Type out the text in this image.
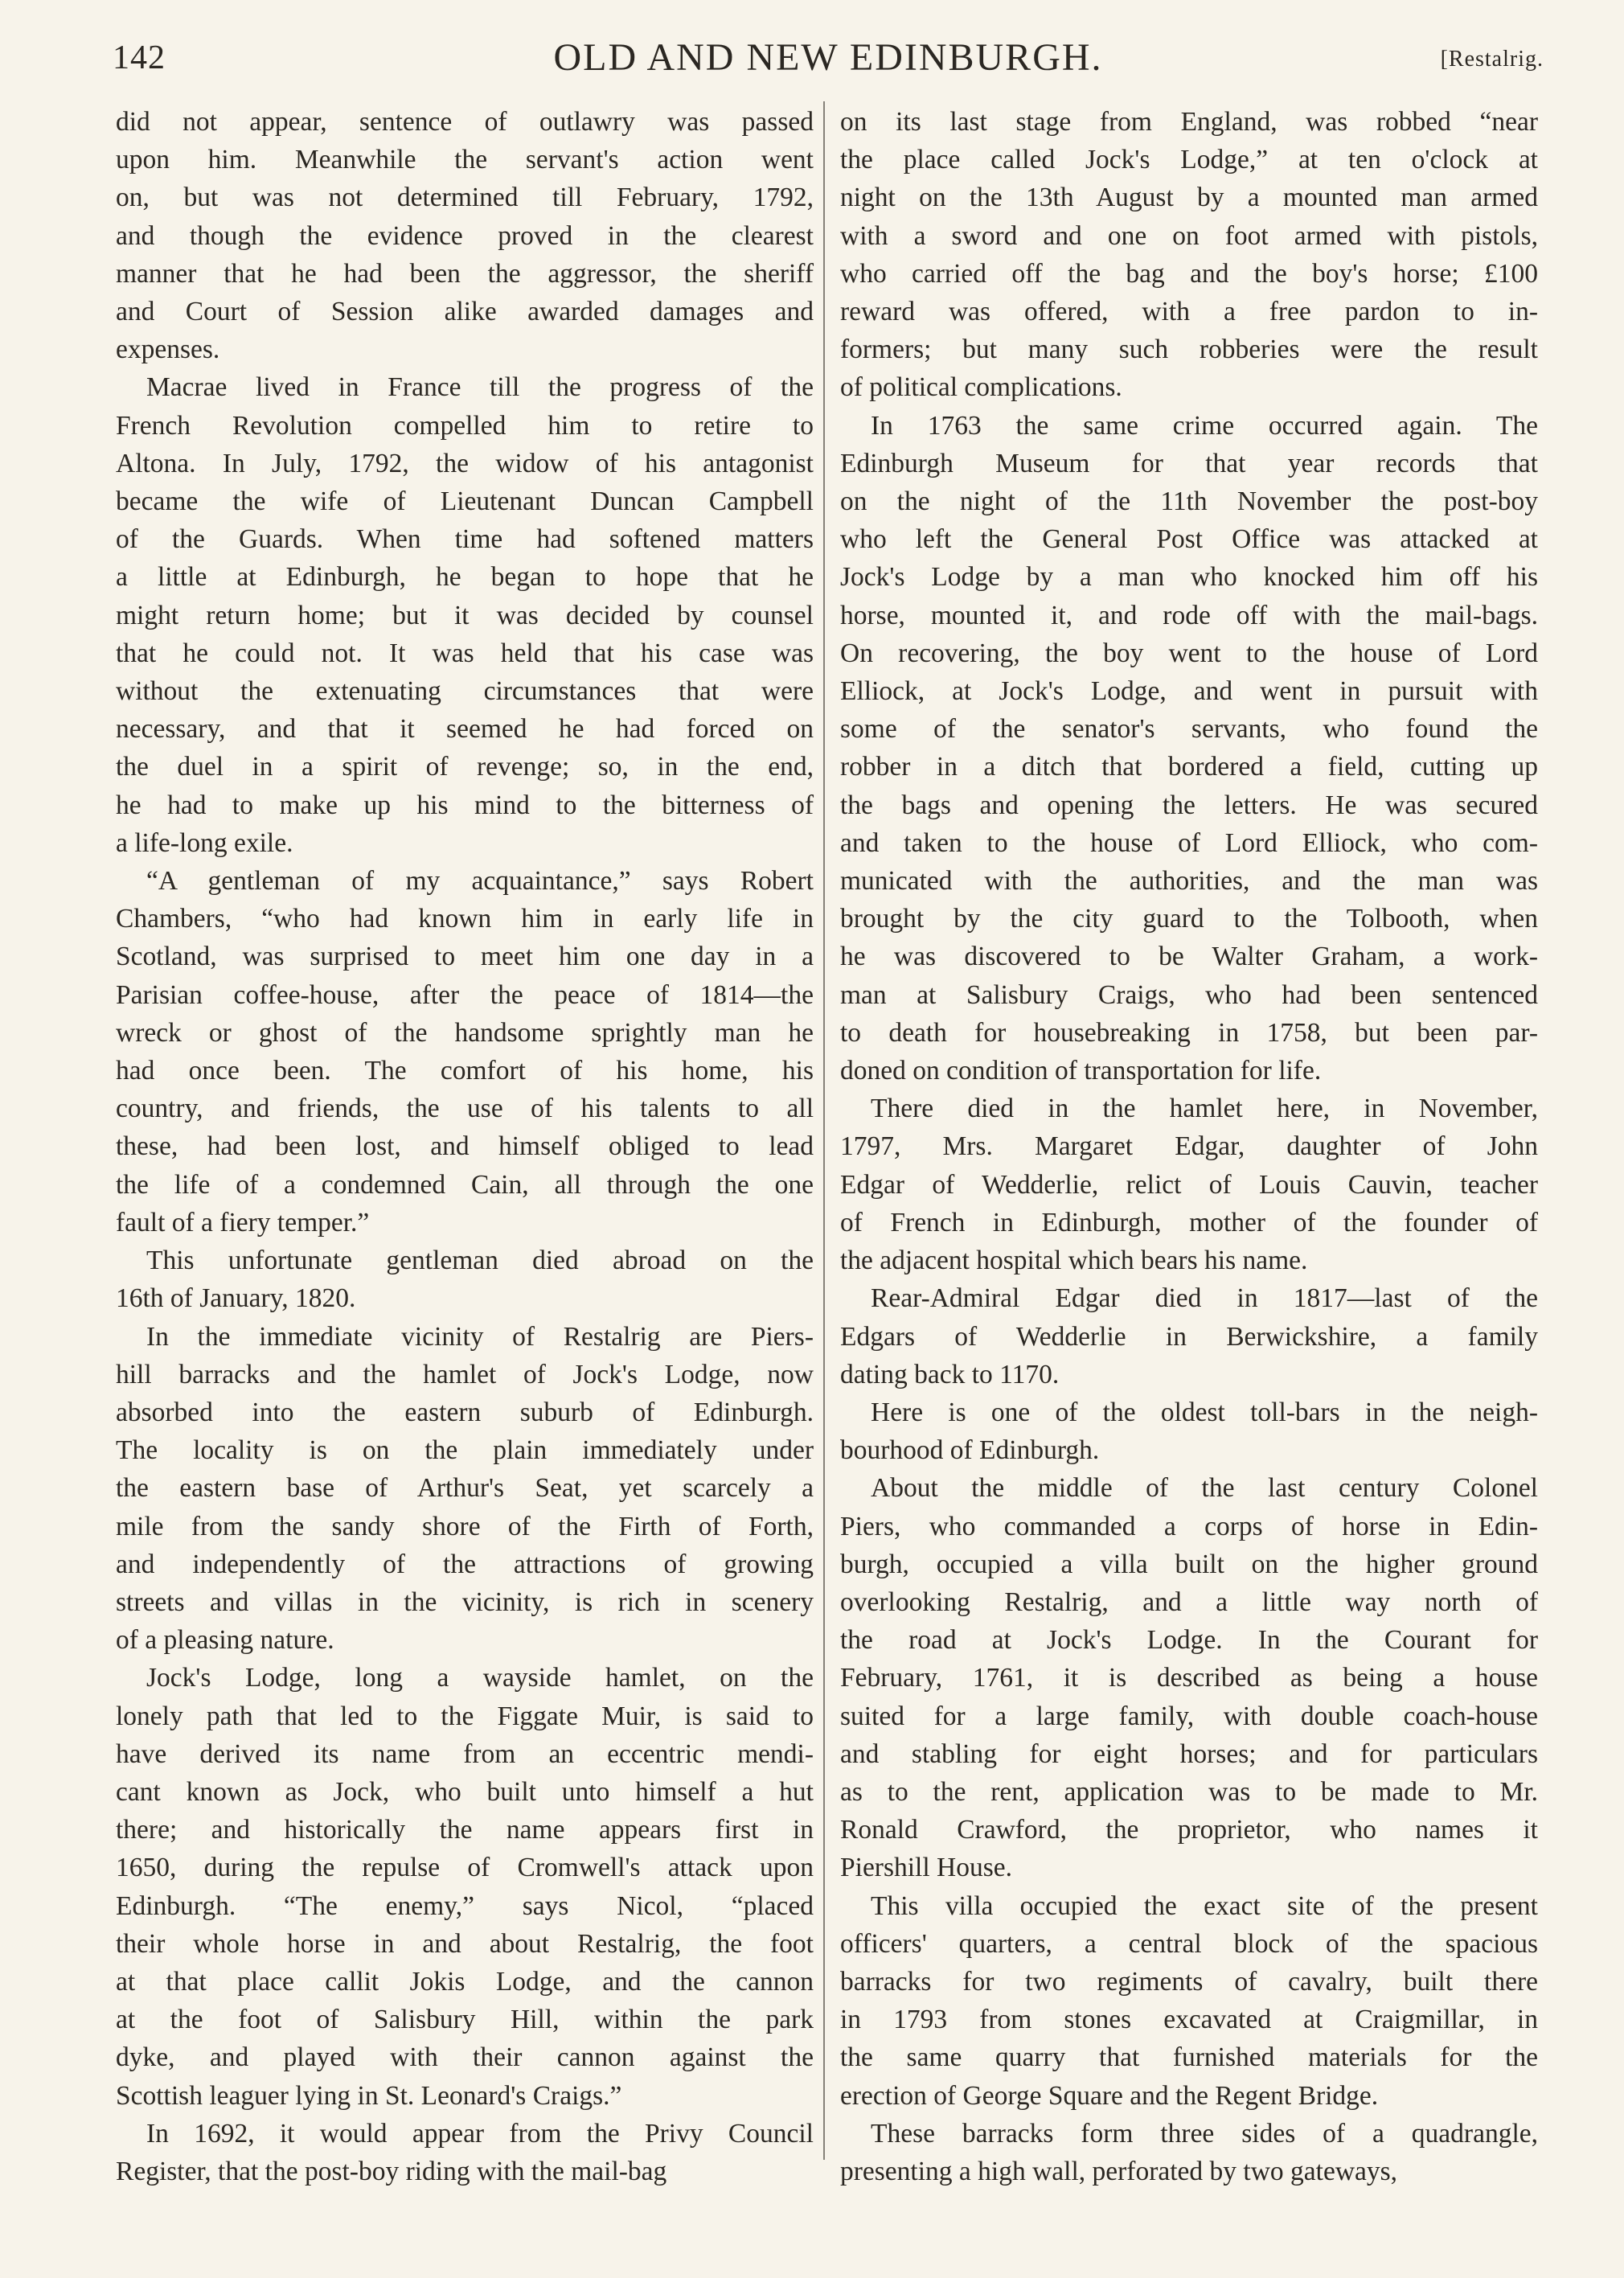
142	OLD AND NEW EDINBURGH.	[Restalrig.

did not appear, sentence of outlawry was passed
upon him. Meanwhile the servant's action went
on, but was not determined till February, 1792,
and though the evidence proved in the clearest
manner that he had been the aggressor, the sheriff
and Court of Session alike awarded damages and
expenses.

Macrae lived in France till the progress of the
French Revolution compelled him to retire to
Altona. In July, 1792, the widow of his antagonist
became the wife of Lieutenant Duncan Campbell
of the Guards. When time had softened matters
a little at Edinburgh, he began to hope that he
might return home; but it was decided by counsel
that he could not. It was held that his case was
without the extenuating circumstances that were
necessary, and that it seemed he had forced on
the duel in a spirit of revenge; so, in the end,
he had to make up his mind to the bitterness of
a life-long exile.

“A gentleman of my acquaintance,” says Robert
Chambers, “who had known him in early life in
Scotland, was surprised to meet him one day in a
Parisian coffee-house, after the peace of 1814—the
wreck or ghost of the handsome sprightly man he
had once been. The comfort of his home, his
country, and friends, the use of his talents to all
these, had been lost, and himself obliged to lead
the life of a condemned Cain, all through the one
fault of a fiery temper.”

This unfortunate gentleman died abroad on the
16th of January, 1820.

In the immediate vicinity of Restalrig are Piers-
hill barracks and the hamlet of Jock's Lodge, now
absorbed into the eastern suburb of Edinburgh.
The locality is on the plain immediately under
the eastern base of Arthur's Seat, yet scarcely a
mile from the sandy shore of the Firth of Forth,
and independently of the attractions of growing
streets and villas in the vicinity, is rich in scenery
of a pleasing nature.

Jock's Lodge, long a wayside hamlet, on the
lonely path that led to the Figgate Muir, is said to
have derived its name from an eccentric mendi-
cant known as Jock, who built unto himself a hut
there; and historically the name appears first in
1650, during the repulse of Cromwell's attack upon
Edinburgh. “The enemy,” says Nicol, “placed
their whole horse in and about Restalrig, the foot
at that place callit Jokis Lodge, and the cannon
at the foot of Salisbury Hill, within the park
dyke, and played with their cannon against the
Scottish leaguer lying in St. Leonard's Craigs.”

In 1692, it would appear from the Privy Council
Register, that the post-boy riding with the mail-bag

on its last stage from England, was robbed “near
the place called Jock's Lodge,” at ten o'clock at
night on the 13th August by a mounted man armed
with a sword and one on foot armed with pistols,
who carried off the bag and the boy's horse; £100
reward was offered, with a free pardon to in-
formers; but many such robberies were the result
of political complications.

In 1763 the same crime occurred again. The
Edinburgh Museum for that year records that
on the night of the 11th November the post-boy
who left the General Post Office was attacked at
Jock's Lodge by a man who knocked him off his
horse, mounted it, and rode off with the mail-bags.
On recovering, the boy went to the house of Lord
Elliock, at Jock's Lodge, and went in pursuit with
some of the senator's servants, who found the
robber in a ditch that bordered a field, cutting up
the bags and opening the letters. He was secured
and taken to the house of Lord Elliock, who com-
municated with the authorities, and the man was
brought by the city guard to the Tolbooth, when
he was discovered to be Walter Graham, a work-
man at Salisbury Craigs, who had been sentenced
to death for housebreaking in 1758, but been par-
doned on condition of transportation for life.

There died in the hamlet here, in November,
1797, Mrs. Margaret Edgar, daughter of John
Edgar of Wedderlie, relict of Louis Cauvin, teacher
of French in Edinburgh, mother of the founder of
the adjacent hospital which bears his name.

Rear-Admiral Edgar died in 1817—last of the
Edgars of Wedderlie in Berwickshire, a family
dating back to 1170.

Here is one of the oldest toll-bars in the neigh-
bourhood of Edinburgh.

About the middle of the last century Colonel
Piers, who commanded a corps of horse in Edin-
burgh, occupied a villa built on the higher ground
overlooking Restalrig, and a little way north of
the road at Jock's Lodge. In the Courant for
February, 1761, it is described as being a house
suited for a large family, with double coach-house
and stabling for eight horses; and for particulars
as to the rent, application was to be made to Mr.
Ronald Crawford, the proprietor, who names it
Piershill House.

This villa occupied the exact site of the present
officers' quarters, a central block of the spacious
barracks for two regiments of cavalry, built there
in 1793 from stones excavated at Craigmillar, in
the same quarry that furnished materials for the
erection of George Square and the Regent Bridge.

These barracks form three sides of a quadrangle,
presenting a high wall, perforated by two gateways,
